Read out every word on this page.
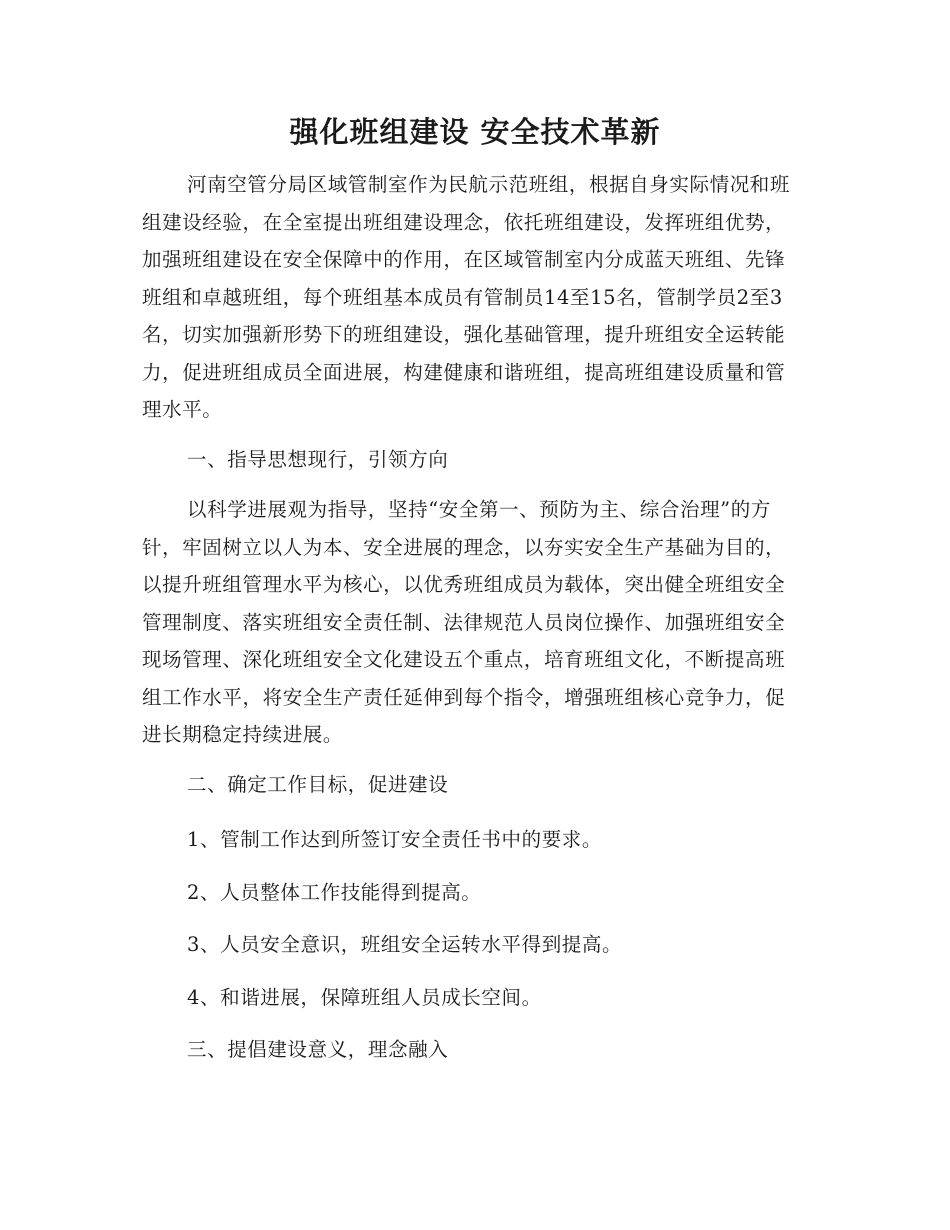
强化班组建设 安全技术革新

河南空管分局区域管制室作为民航示范班组，根据自身实际情况和班组建设经验，在全室提出班组建设理念，依托班组建设，发挥班组优势，加强班组建设在安全保障中的作用，在区域管制室内分成蓝天班组、先锋班组和卓越班组，每个班组基本成员有管制员14至15名，管制学员2至3名，切实加强新形势下的班组建设，强化基础管理，提升班组安全运转能力，促进班组成员全面进展，构建健康和谐班组，提高班组建设质量和管理水平。

一、指导思想现行，引领方向

以科学进展观为指导，坚持“安全第一、预防为主、综合治理”的方针，牢固树立以人为本、安全进展的理念，以夯实安全生产基础为目的，以提升班组管理水平为核心，以优秀班组成员为载体，突出健全班组安全管理制度、落实班组安全责任制、法律规范人员岗位操作、加强班组安全现场管理、深化班组安全文化建设五个重点，培育班组文化，不断提高班组工作水平，将安全生产责任延伸到每个指令，增强班组核心竞争力，促进长期稳定持续进展。

二、确定工作目标，促进建设

1、管制工作达到所签订安全责任书中的要求。

2、人员整体工作技能得到提高。

3、人员安全意识，班组安全运转水平得到提高。

4、和谐进展，保障班组人员成长空间。

三、提倡建设意义，理念融入
